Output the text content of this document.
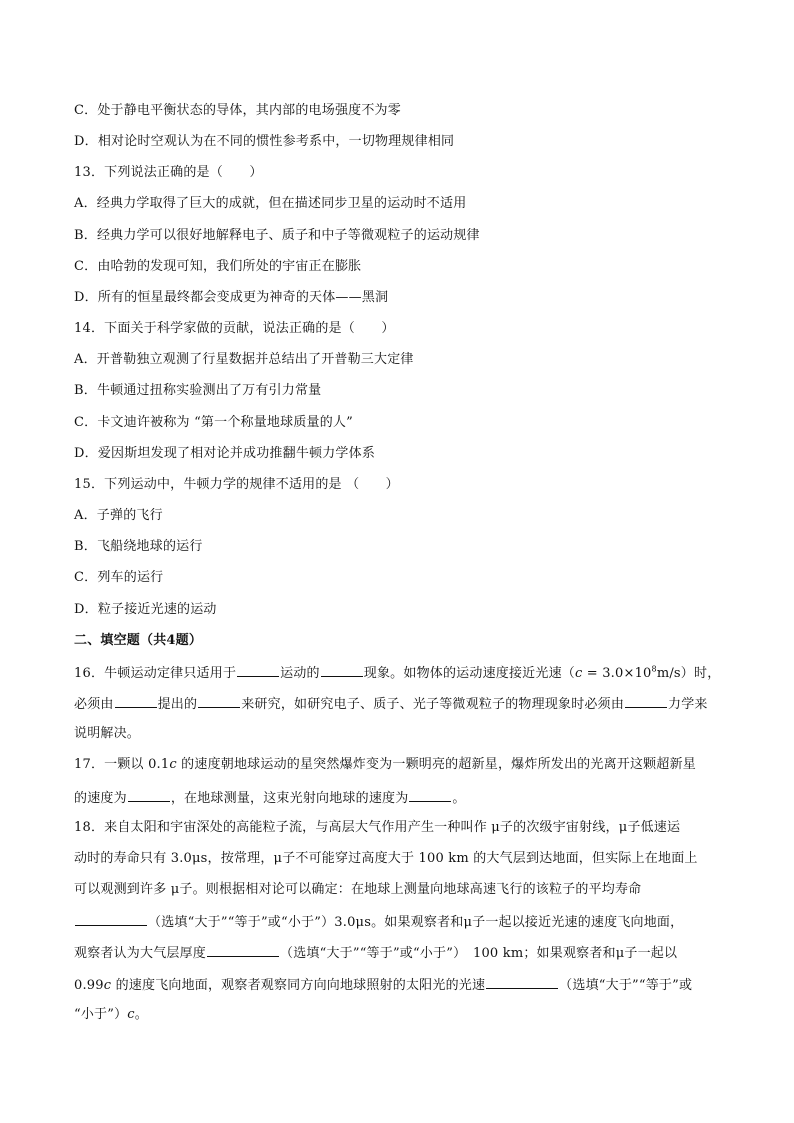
C．处于静电平衡状态的导体，其内部的电场强度不为零
D．相对论时空观认为在不同的惯性参考系中，一切物理规律相同
13．下列说法正确的是（　　）
A．经典力学取得了巨大的成就，但在描述同步卫星的运动时不适用
B．经典力学可以很好地解释电子、质子和中子等微观粒子的运动规律
C．由哈勃的发现可知，我们所处的宇宙正在膨胀
D．所有的恒星最终都会变成更为神奇的天体——黑洞
14．下面关于科学家做的贡献，说法正确的是（　　）
A．开普勒独立观测了行星数据并总结出了开普勒三大定律
B．牛顿通过扭称实验测出了万有引力常量
C．卡文迪许被称为 “第一个称量地球质量的人”
D．爱因斯坦发现了相对论并成功推翻牛顿力学体系
15．下列运动中，牛顿力学的规律不适用的是 （　　）
A．子弹的飞行
B．飞船绕地球的运行
C．列车的运行
D．粒子接近光速的运动
二、填空题（共4题）
16．牛顿运动定律只适用于	运动的	现象。如物体的运动速度接近光速$(c = 3.0\times 10^8m/s)$时，
必须由	提出的	来研究，如研究电子、质子、光子等微观粒子的物理现象时必须由	力学来
说明解决。
17．一颗以 0.1c 的速度朝地球运动的星突然爆炸变为一颗明亮的超新星，爆炸所发出的光离开这颗超新星
的速度为	，在地球测量，这束光射向地球的速度为	。
18．来自太阳和宇宙深处的高能粒子流，与高层大气作用产生一种叫作 μ子的次级宇宙射线，μ子低速运
动时的寿命只有 3.0μs，按常理，μ子不可能穿过高度大于 100 km 的大气层到达地面，但实际上在地面上
可以观测到许多 μ子。则根据相对论可以确定：在地球上测量向地球高速飞行的该粒子的平均寿命
（选填“大于”“等于”或“小于”）3.0μs。如果观察者和μ子一起以接近光速的速度飞向地面，
观察者认为大气层厚度	（选填“大于”“等于”或“小于”）　100 km；如果观察者和μ子一起以
0.99c 的速度飞向地面，观察者观察同方向向地球照射的太阳光的光速	（选填“大于”“等于”或
“小于”）c。
